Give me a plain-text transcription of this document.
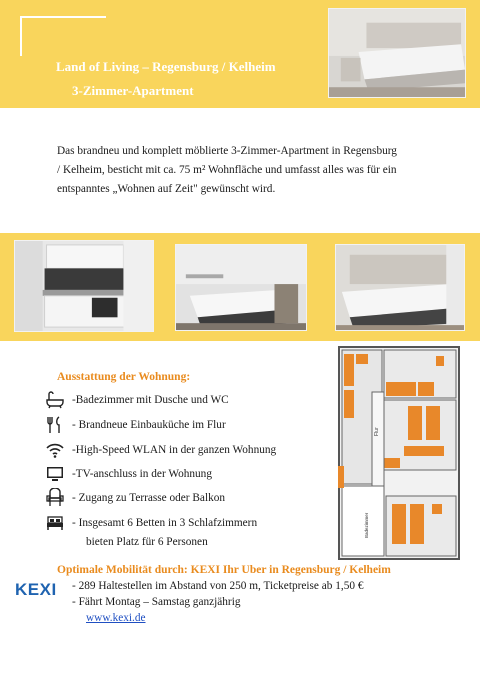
Land of Living – Regensburg / Kelheim
3-Zimmer-Apartment

Das brandneu und komplett möblierte 3-Zimmer-Apartment in Regensburg / Kelheim, besticht mit ca. 75 m² Wohnfläche und umfasst alles was für ein entspanntes „Wohnen auf Zeit" gewünscht wird.

Ausstattung der Wohnung:
-Badezimmer mit Dusche und WC
- Brandneue Einbauküche im Flur
-High-Speed WLAN in der ganzen Wohnung
-TV-anschluss in der Wohnung
- Zugang zu Terrasse oder Balkon
- Insgesamt 6 Betten in 3 Schlafzimmern
bieten Platz für 6 Personen
Flur
Badezimmer
Optimale Mobilität durch: KEXI Ihr Uber in Regensburg / Kelheim
KEXI - 289 Haltestellen im Abstand von 250 m, Ticketpreise ab 1,50 €
- Fährt Montag – Samstag ganzjährig
www.kexi.de
